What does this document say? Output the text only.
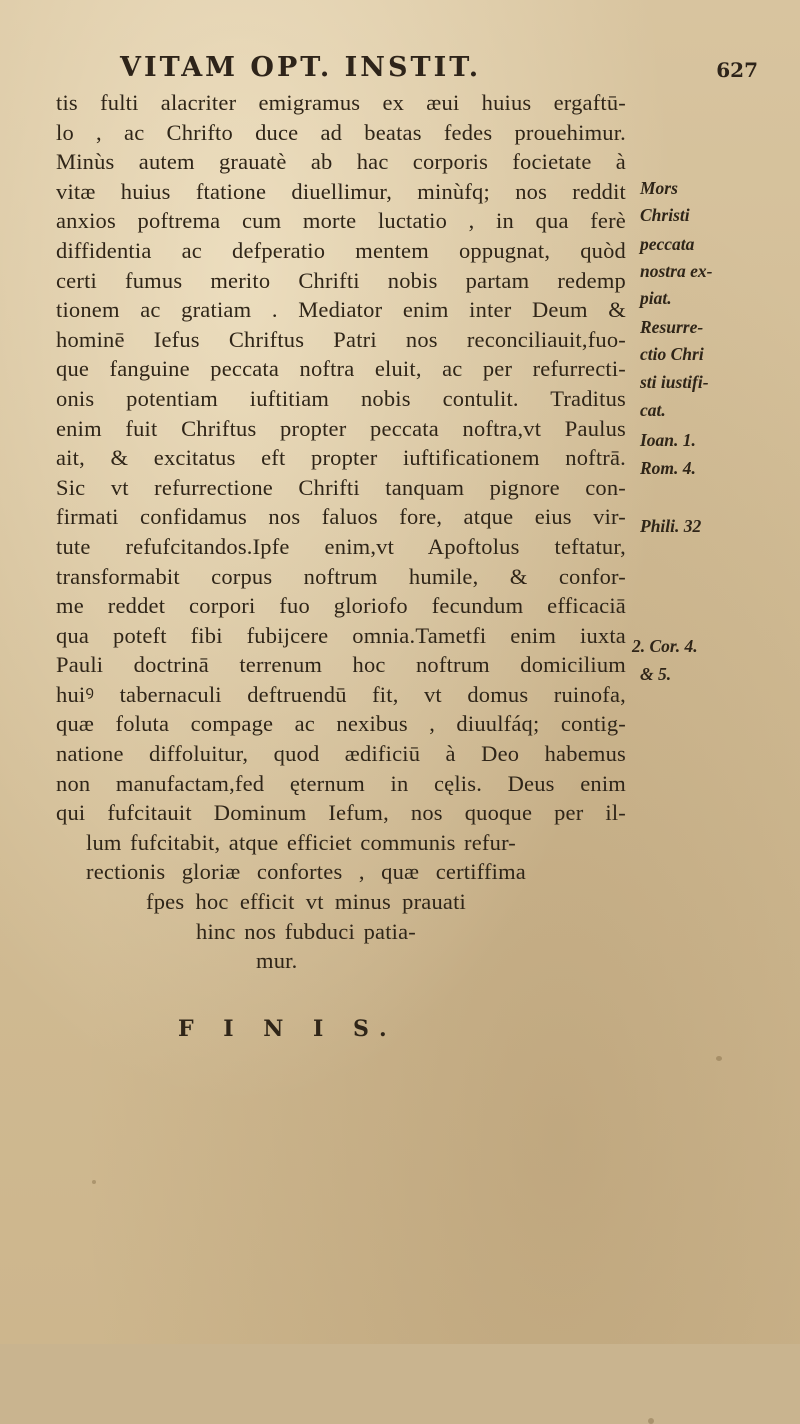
VITAM OPT. INSTIT.	627
tis fulti alacriter emigramus ex æui huius ergaftū-
lo , ac Chrifto duce ad beatas fedes prouehimur.
Minùs autem grauatè ab hac corporis focietate à
vitæ huius ftatione diuellimur, minùfq; nos reddit
anxios poftrema cum morte luctatio , in qua ferè
diffidentia ac defperatio mentem oppugnat, quòd
certi fumus merito Chrifti nobis partam redemp
tionem ac gratiam . Mediator enim inter Deum &
hominē Iefus Chriftus Patri nos reconciliauit,fuo-
que fanguine peccata noftra eluit, ac per refurrecti-
onis potentiam iuftitiam nobis contulit. Traditus
enim fuit Chriftus propter peccata noftra,vt Paulus
ait, & excitatus eft propter iuftificationem noftrā.
Sic vt refurrectione Chrifti tanquam pignore con-
firmati confidamus nos faluos fore, atque eius vir-
tute refufcitandos.Ipfe enim,vt Apoftolus teftatur,
transformabit corpus noftrum humile, & confor-
me reddet corpori fuo gloriofo fecundum efficaciā
qua poteft fibi fubijcere omnia.Tametfi enim iuxta
Pauli doctrinā terrenum hoc noftrum domicilium
huiꝰ tabernaculi deftruendū fit, vt domus ruinofa,
quæ foluta compage ac nexibus , diuulfáq; contig-
natione diffoluitur, quod ædificiū à Deo habemus
non manufactam,fed ęternum in cęlis. Deus enim
qui fufcitauit Dominum Iefum, nos quoque per il-
lum fufcitabit, atque efficiet communis refur-
rectionis gloriæ confortes , quæ certiffima
fpes hoc efficit vt minus prauati
hinc nos fubduci patia-
mur.
Mors
Christi
peccata
nostra ex-
piat.
Resurre-
ctio Chri
sti iustifi-
cat.
Ioan. 1.
Rom. 4.
Phili. 32
2. Cor. 4.
& 5.
F I N I S.
